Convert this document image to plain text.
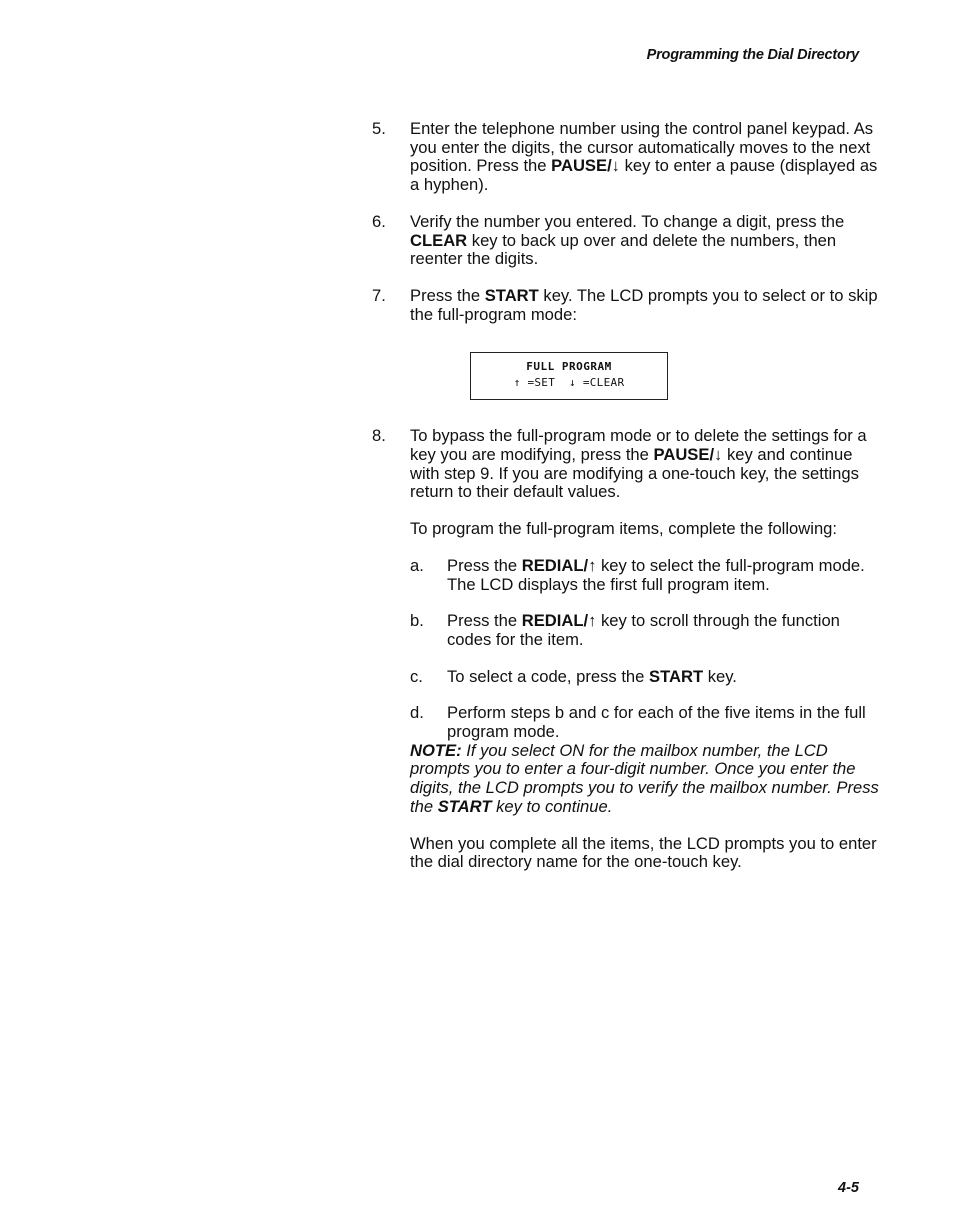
Programming the Dial Directory
5. Enter the telephone number using the control panel keypad. As you enter the digits, the cursor automatically moves to the next position. Press the PAUSE/↓ key to enter a pause (displayed as a hyphen).

6. Verify the number you entered. To change a digit, press the CLEAR key to back up over and delete the numbers, then reenter the digits.

7. Press the START key. The LCD prompts you to select or to skip the full-program mode:

FULL PROGRAM
↑ =SET  ↓ =CLEAR
8. To bypass the full-program mode or to delete the settings for a key you are modifying, press the PAUSE/↓ key and continue with step 9. If you are modifying a one-touch key, the settings return to their default values.

To program the full-program items, complete the following:

a. Press the REDIAL/↑ key to select the full-program mode. The LCD displays the first full program item.

b. Press the REDIAL/↑ key to scroll through the function codes for the item.

c. To select a code, press the START key.

d. Perform steps b and c for each of the five items in the full program mode.

NOTE: If you select ON for the mailbox number, the LCD prompts you to enter a four-digit number. Once you enter the digits, the LCD prompts you to verify the mailbox number. Press the START key to continue.

When you complete all the items, the LCD prompts you to enter the dial directory name for the one-touch key.

4-5
